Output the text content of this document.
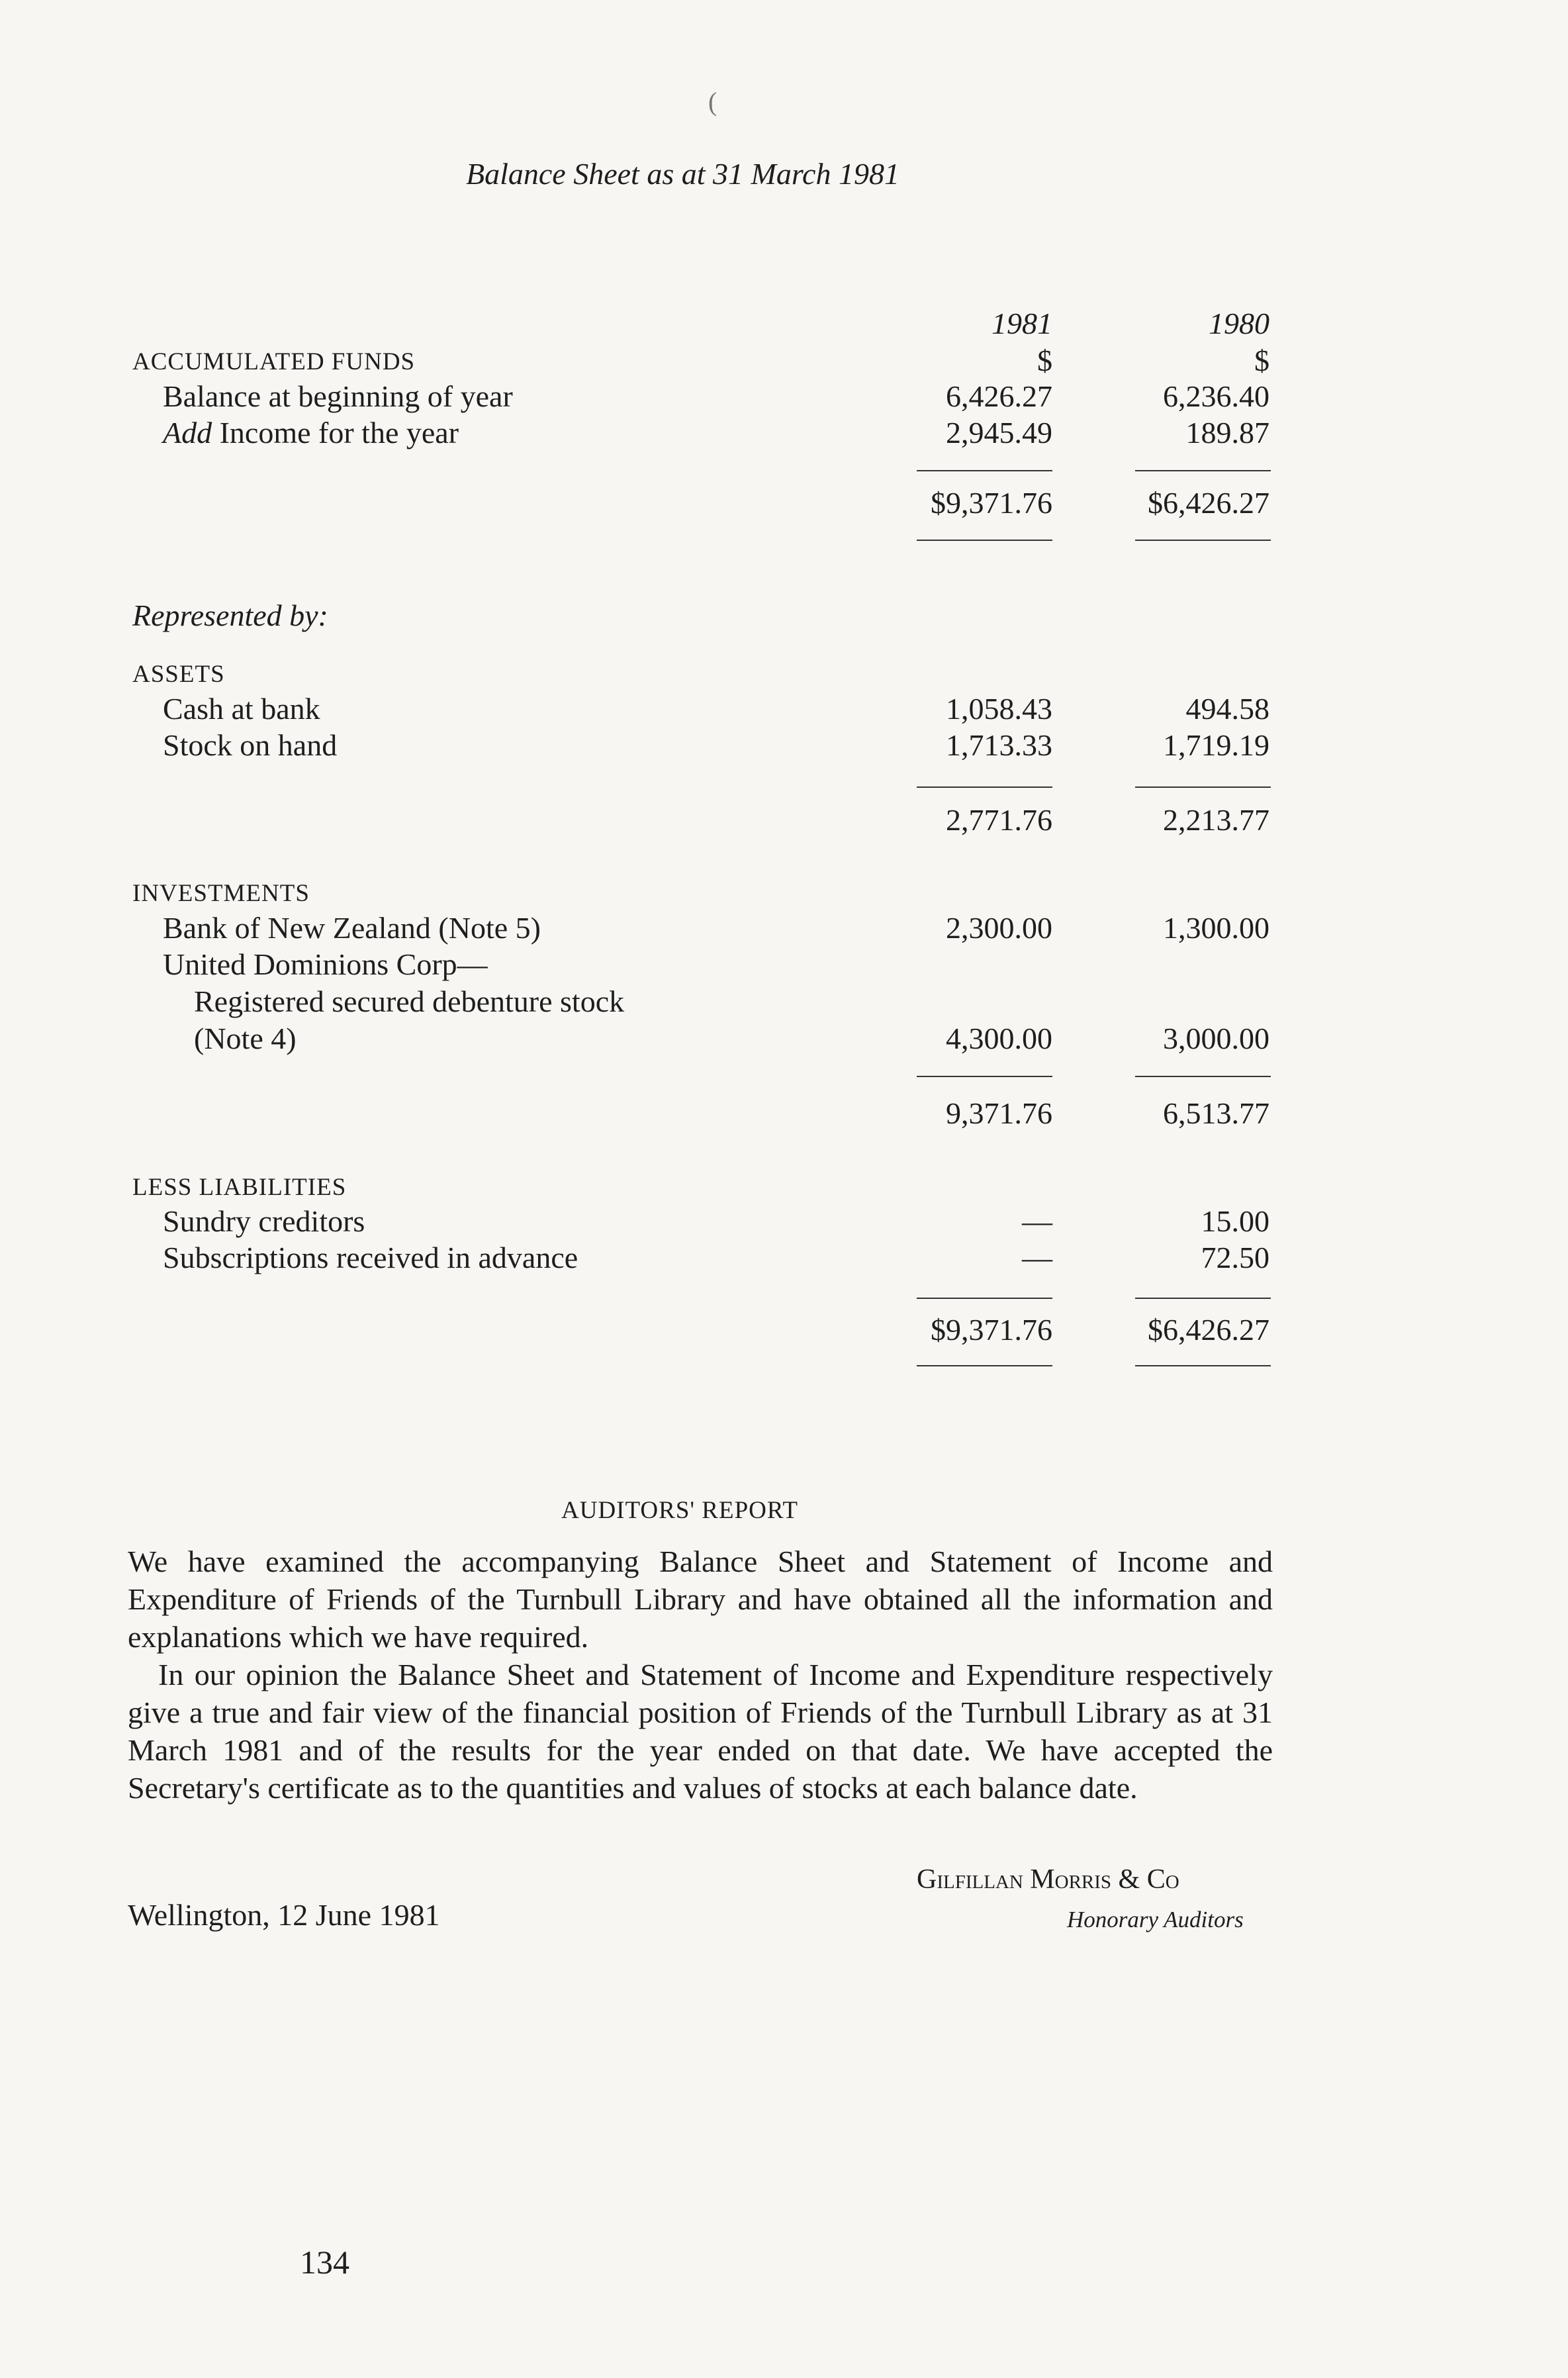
(
Balance Sheet as at 31 March 1981
1981	1980
$	$
ACCUMULATED FUNDS
Balance at beginning of year	6,426.27	6,236.40
Add Income for the year	2,945.49	189.87
$9,371.76	$6,426.27
Represented by:
ASSETS
Cash at bank	1,058.43	494.58
Stock on hand	1,713.33	1,719.19
2,771.76	2,213.77
INVESTMENTS
Bank of New Zealand (Note 5)	2,300.00	1,300.00
United Dominions Corp—
Registered secured debenture stock
(Note 4)	4,300.00	3,000.00
9,371.76	6,513.77
LESS LIABILITIES
Sundry creditors	—	15.00
Subscriptions received in advance	—	72.50
$9,371.76	$6,426.27
AUDITORS' REPORT

We have examined the accompanying Balance Sheet and Statement of Income and Expenditure of Friends of the Turnbull Library and have obtained all the information and explanations which we have required.

In our opinion the Balance Sheet and Statement of Income and Expenditure respectively give a true and fair view of the financial position of Friends of the Turnbull Library as at 31 March 1981 and of the results for the year ended on that date. We have accepted the Secretary's certificate as to the quantities and values of stocks at each balance date.

Gilfillan Morris & Co
Honorary Auditors
Wellington, 12 June 1981
134
